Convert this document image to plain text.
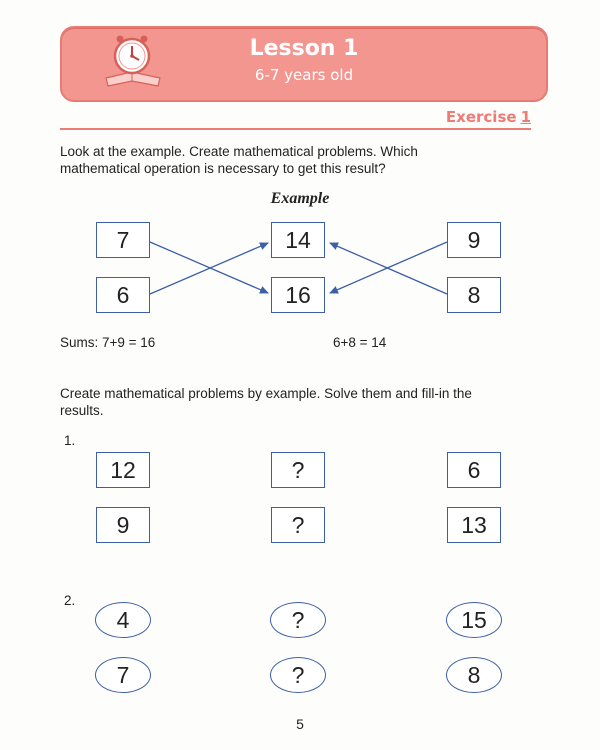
Lesson 1
6-7 years old
Exercise 1
Look at the example. Create mathematical problems. Which
mathematical operation is necessary to get this result?
Example
7
6
14
16
9
8
Sums: 7+9 = 16	6+8 = 14
Create mathematical problems by example. Solve them and fill-in the
results.
1.
12
9
?
?
6
13
2.
4
7
?
?
15
8
5
